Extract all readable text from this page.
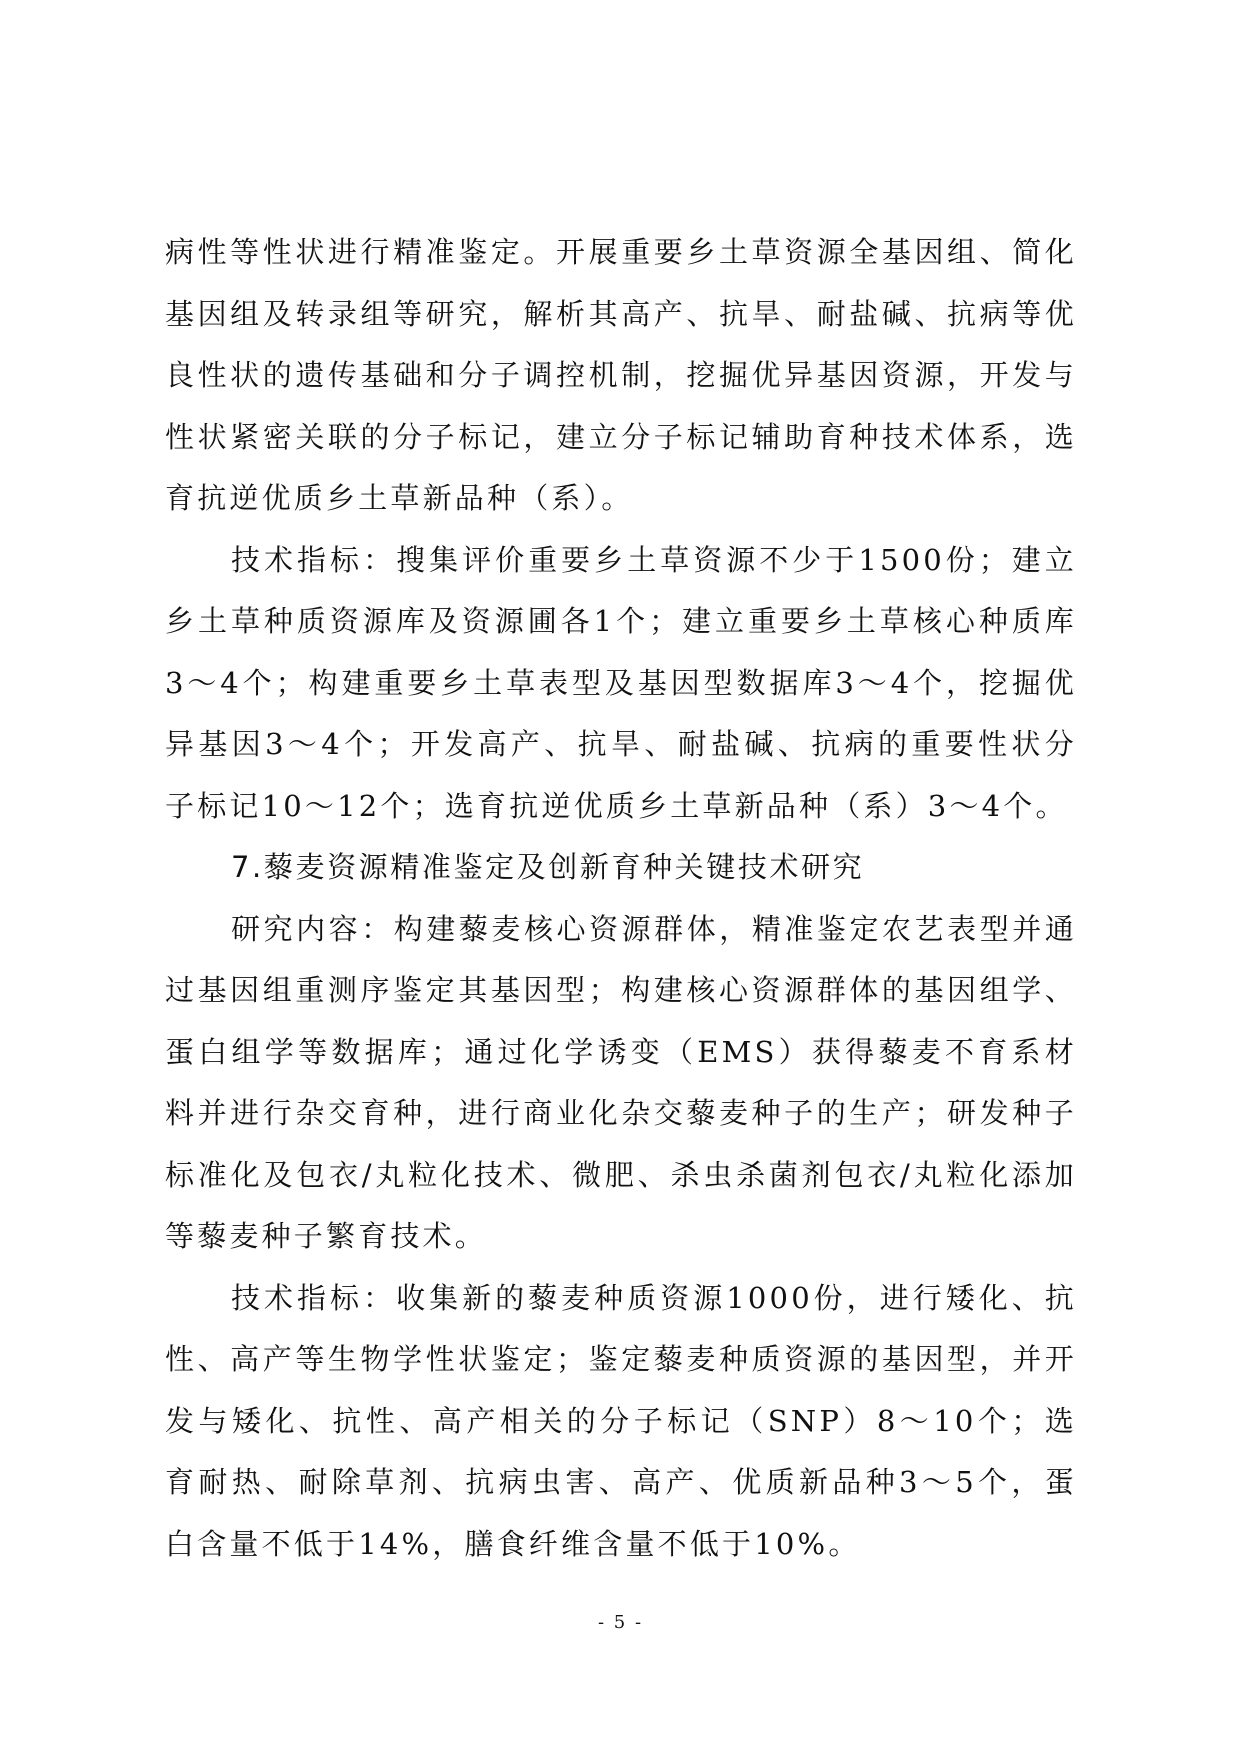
病性等性状进行精准鉴定。开展重要乡土草资源全基因组、简化基因组及转录组等研究，解析其高产、抗旱、耐盐碱、抗病等优良性状的遗传基础和分子调控机制，挖掘优异基因资源，开发与性状紧密关联的分子标记，建立分子标记辅助育种技术体系，选育抗逆优质乡土草新品种（系）。

技术指标：搜集评价重要乡土草资源不少于1500份；建立乡土草种质资源库及资源圃各1个；建立重要乡土草核心种质库3～4个；构建重要乡土草表型及基因型数据库3～4个，挖掘优异基因3～4个；开发高产、抗旱、耐盐碱、抗病的重要性状分子标记10～12个；选育抗逆优质乡土草新品种（系）3～4个。

7.藜麦资源精准鉴定及创新育种关键技术研究

研究内容：构建藜麦核心资源群体，精准鉴定农艺表型并通过基因组重测序鉴定其基因型；构建核心资源群体的基因组学、蛋白组学等数据库；通过化学诱变（EMS）获得藜麦不育系材料并进行杂交育种，进行商业化杂交藜麦种子的生产；研发种子标准化及包衣/丸粒化技术、微肥、杀虫杀菌剂包衣/丸粒化添加等藜麦种子繁育技术。

技术指标：收集新的藜麦种质资源1000份，进行矮化、抗性、高产等生物学性状鉴定；鉴定藜麦种质资源的基因型，并开发与矮化、抗性、高产相关的分子标记（SNP）8～10个；选育耐热、耐除草剂、抗病虫害、高产、优质新品种3～5个，蛋白含量不低于14%，膳食纤维含量不低于10%。

- 5 -
